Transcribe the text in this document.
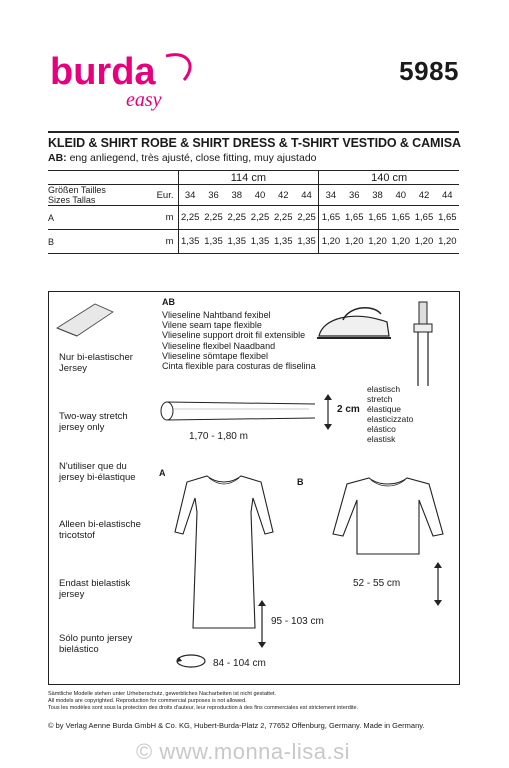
burda
easy
5985
KLEID & SHIRT ROBE & SHIRT DRESS & T-SHIRT VESTIDO & CAMISA
AB: eng anliegend, très ajusté, close fitting, muy ajustado
		114 cm						140 cm					

Größen Tailles
Sizes Tallas	Eur.	34	36	38	40	42	44	34	36	38	40	42	44
A	m	2,25	2,25	2,25	2,25	2,25	2,25	1,65	1,65	1,65	1,65	1,65	1,65
B	m	1,35	1,35	1,35	1,35	1,35	1,35	1,20	1,20	1,20	1,20	1,20	1,20
Nur bi-elastischer
Jersey
Two-way stretch
jersey only
N'utiliser que du
jersey bi-élastique
Alleen bi-elastische
tricotstof
Endast bielastisk
jersey
Sólo punto jersey
bielástico
AB
Vlieseline Nahtband fexibel
Vilene seam tape flexible
Vlieseline support droit fil extensible
Vlieseline flexibel Naadband
Vlieseline sömtape flexibel
Cinta flexible para costuras de fliselina
1,70 - 1,80 m
2 cm
elastisch
stretch
élastique
elasticizzato
elástico
elastisk
A
B
95 - 103 cm
84 - 104 cm
52 - 55 cm
Sämtliche Modelle stehen unter Urheberschutz, gewerbliches Nacharbeiten ist nicht gestattet.
All models are copyrighted. Reproduction for commercial purposes is not allowed.
Tous les modèles sont sous la protection des droits d'auteur, leur reproduction à des fins commerciales est strictement interdite.
© by Verlag Aenne Burda GmbH & Co. KG, Hubert-Burda-Platz 2, 77652 Offenburg, Germany. Made in Germany.
© www.monna-lisa.si
